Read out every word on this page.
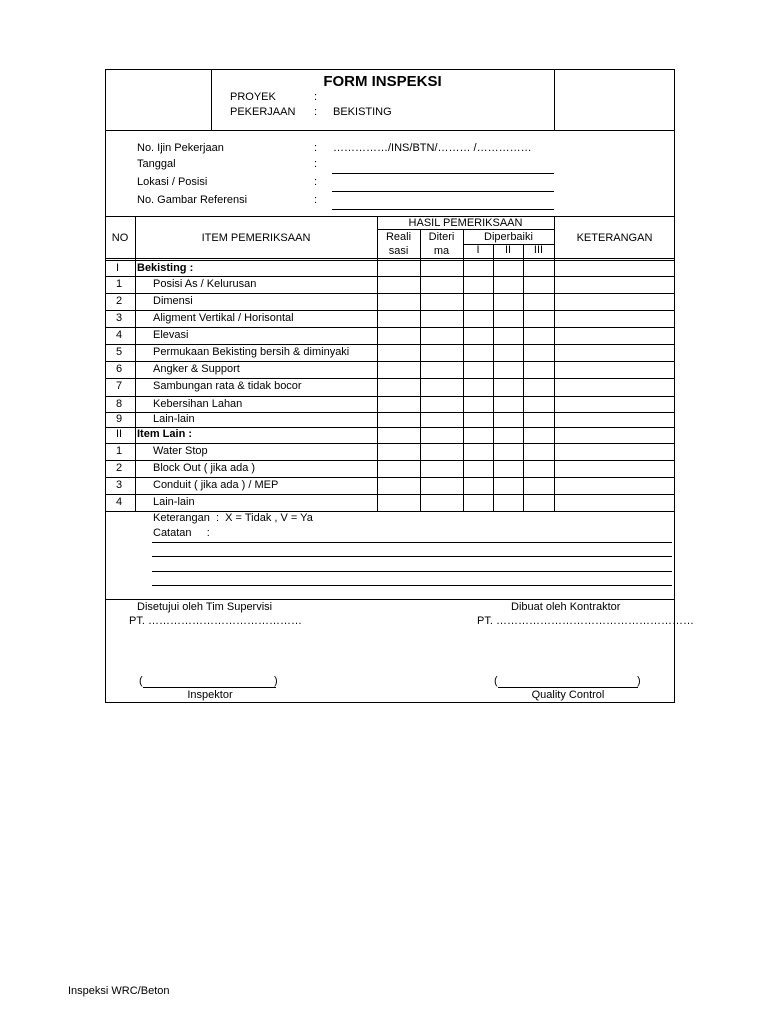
FORM INSPEKSI
PROYEK	:
PEKERJAAN : BEKISTING
No. Ijin Pekerjaan	: ……………/INS/BTN/……… /……………
Tanggal	:
Lokasi / Posisi	:
No. Gambar Referensi	:
NO	ITEM PEMERIKSAAN
HASIL PEMERIKSAAN
Reali
sasi
Diteri
ma
Diperbaiki
I	II	III
KETERANGAN
I Bekisting :
1	Posisi As / Kelurusan
2	Dimensi
3	Aligment Vertikal / Horisontal
4	Elevasi
5	Permukaan Bekisting bersih & diminyaki
6	Angker & Support
7	Sambungan rata & tidak bocor
8	Kebersihan Lahan
9	Lain-lain
II Item Lain :
1	Water Stop
2	Block Out ( jika ada )
3	Conduit ( jika ada ) / MEP
4	Lain-lain
Keterangan  :  X = Tidak , V = Ya
Catatan     :
Disetujui oleh Tim Supervisi
PT. ……………………………………
(	)
Inspektor
Dibuat oleh Kontraktor
PT. ………………………………………………
(	)
Quality Control
Inspeksi WRC/Beton
